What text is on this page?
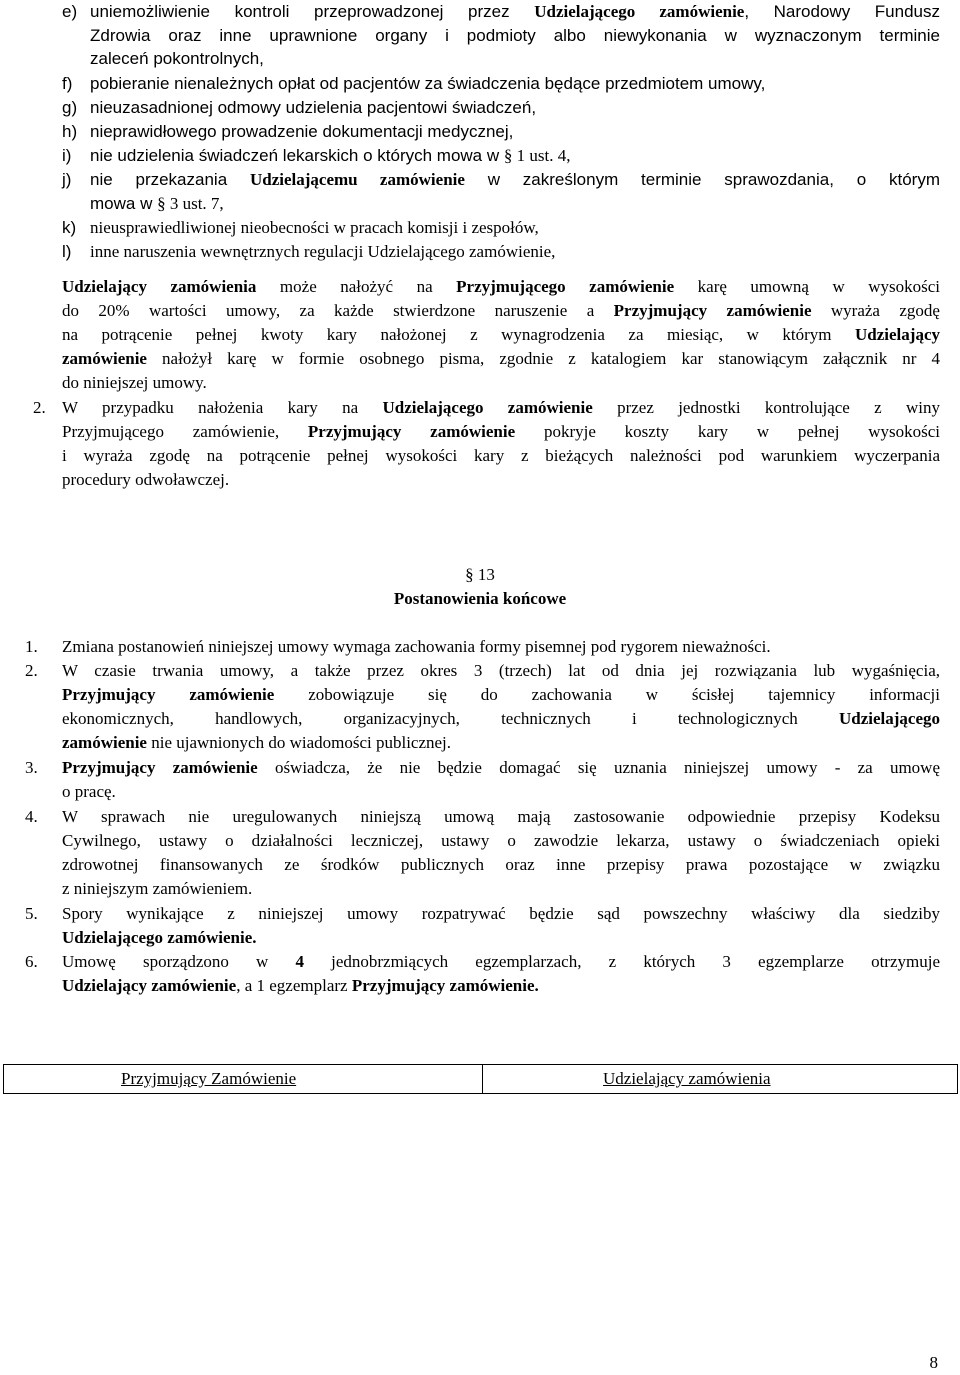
e) uniemożliwienie kontroli przeprowadzonej przez Udzielającego zamówienie, Narodowy Fundusz
Zdrowia oraz inne uprawnione organy i podmioty albo niewykonania w wyznaczonym terminie
zaleceń pokontrolnych,
f) pobieranie nienależnych opłat od pacjentów za świadczenia będące przedmiotem umowy,
g) nieuzasadnionej odmowy udzielenia pacjentowi świadczeń,
h) nieprawidłowego prowadzenie dokumentacji medycznej,
i) nie udzielenia świadczeń lekarskich o których mowa w § 1 ust. 4,
j) nie przekazania Udzielającemu zamówienie w zakreślonym terminie sprawozdania, o którym
mowa w § 3 ust. 7,
k) nieusprawiedliwionej nieobecności w pracach komisji i zespołów,
l) inne naruszenia wewnętrznych regulacji Udzielającego zamówienie,
Udzielający zamówienia może nałożyć na Przyjmującego zamówienie karę umowną w wysokości
do 20% wartości umowy, za każde stwierdzone naruszenie a Przyjmujący zamówienie wyraża zgodę
na potrącenie pełnej kwoty kary nałożonej z wynagrodzenia za miesiąc, w którym Udzielający
zamówienie nałożył karę w formie osobnego pisma, zgodnie z katalogiem kar stanowiącym załącznik nr 4
do niniejszej umowy.
2. W przypadku nałożenia kary na Udzielającego zamówienie przez jednostki kontrolujące z winy
Przyjmującego zamówienie, Przyjmujący zamówienie pokryje koszty kary w pełnej wysokości
i wyraża zgodę na potrącenie pełnej wysokości kary z bieżących należności pod warunkiem wyczerpania
procedury odwoławczej.
§ 13
Postanowienia końcowe
1. Zmiana postanowień niniejszej umowy wymaga zachowania formy pisemnej pod rygorem nieważności.
2. W czasie trwania umowy, a także przez okres 3 (trzech) lat od dnia jej rozwiązania lub wygaśnięcia,
Przyjmujący zamówienie zobowiązuje się do zachowania w ścisłej tajemnicy informacji
ekonomicznych, handlowych, organizacyjnych, technicznych i technologicznych Udzielającego
zamówienie nie ujawnionych do wiadomości publicznej.
3. Przyjmujący zamówienie oświadcza, że nie będzie domagać się uznania niniejszej umowy - za umowę
o pracę.
4. W sprawach nie uregulowanych niniejszą umową mają zastosowanie odpowiednie przepisy Kodeksu
Cywilnego, ustawy o działalności leczniczej, ustawy o zawodzie lekarza, ustawy o świadczeniach opieki
zdrowotnej finansowanych ze środków publicznych oraz inne przepisy prawa pozostające w związku
z niniejszym zamówieniem.
5. Spory wynikające z niniejszej umowy rozpatrywać będzie sąd powszechny właściwy dla siedziby
Udzielającego zamówienie.
6. Umowę sporządzono w 4 jednobrzmiących egzemplarzach, z których 3 egzemplarze otrzymuje
Udzielający zamówienie, a 1 egzemplarz Przyjmujący zamówienie.
Przyjmujący Zamówienie	Udzielający zamówienia
8
